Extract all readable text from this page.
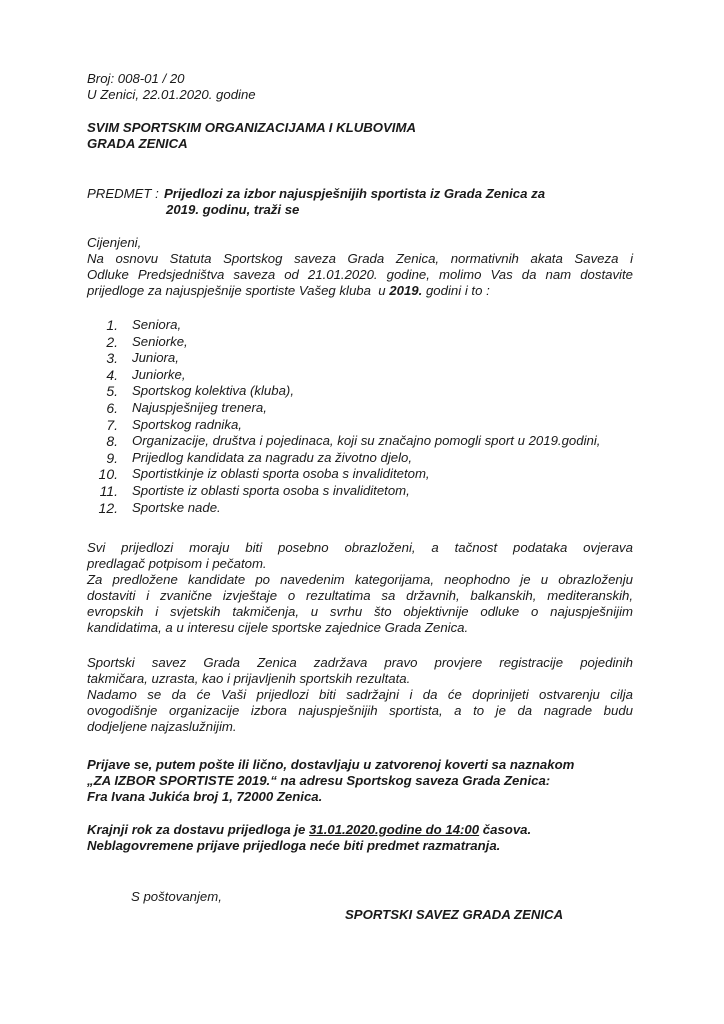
Broj: 008-01 / 20
U Zenici, 22.01.2020. godine
SVIM SPORTSKIM ORGANIZACIJAMA I KLUBOVIMA
GRADA ZENICA
PREDMET : Prijedlozi za izbor najuspješnijih sportista iz Grada Zenica za
2019. godinu, traži se
Cijenjeni,
Na osnovu Statuta Sportskog saveza Grada Zenica, normativnih akata Saveza i
Odluke Predsjedništva saveza od 21.01.2020. godine, molimo Vas da nam dostavite
prijedloge za najuspješnije sportiste Vašeg kluba  u 2019. godini i to :
1. Seniora,
2. Seniorke,
3. Juniora,
4. Juniorke,
5. Sportskog kolektiva (kluba),
6. Najuspješnijeg trenera,
7. Sportskog radnika,
8. Organizacije, društva i pojedinaca, koji su značajno pomogli sport u 2019.godini,
9. Prijedlog kandidata za nagradu za životno djelo,
10. Sportistkinje iz oblasti sporta osoba s invaliditetom,
11. Sportiste iz oblasti sporta osoba s invaliditetom,
12. Sportske nade.
Svi prijedlozi moraju biti posebno obrazloženi, a tačnost podataka ovjerava
predlagač potpisom i pečatom.
Za predložene kandidate po navedenim kategorijama, neophodno je u obrazloženju
dostaviti i zvanične izvještaje o rezultatima sa državnih, balkanskih, mediteranskih,
evropskih i svjetskih takmičenja, u svrhu što objektivnije odluke o najuspješnijim
kandidatima, a u interesu cijele sportske zajednice Grada Zenica.
Sportski savez Grada Zenica zadržava pravo provjere registracije pojedinih
takmičara, uzrasta, kao i prijavljenih sportskih rezultata.
Nadamo se da će Vaši prijedlozi biti sadržajni i da će doprinijeti ostvarenju cilja
ovogodišnje organizacije izbora najuspješnijih sportista, a to je da nagrade budu
dodjeljene najzaslužnijim.
Prijave se, putem pošte ili lično, dostavljaju u zatvorenoj koverti sa naznakom
„ZA IZBOR SPORTISTE 2019.“ na adresu Sportskog saveza Grada Zenica:
Fra Ivana Jukića broj 1, 72000 Zenica.
Krajnji rok za dostavu prijedloga je 31.01.2020.godine do 14:00 časova.
Neblagovremene prijave prijedloga neće biti predmet razmatranja.
S poštovanjem,
SPORTSKI SAVEZ GRADA ZENICA
